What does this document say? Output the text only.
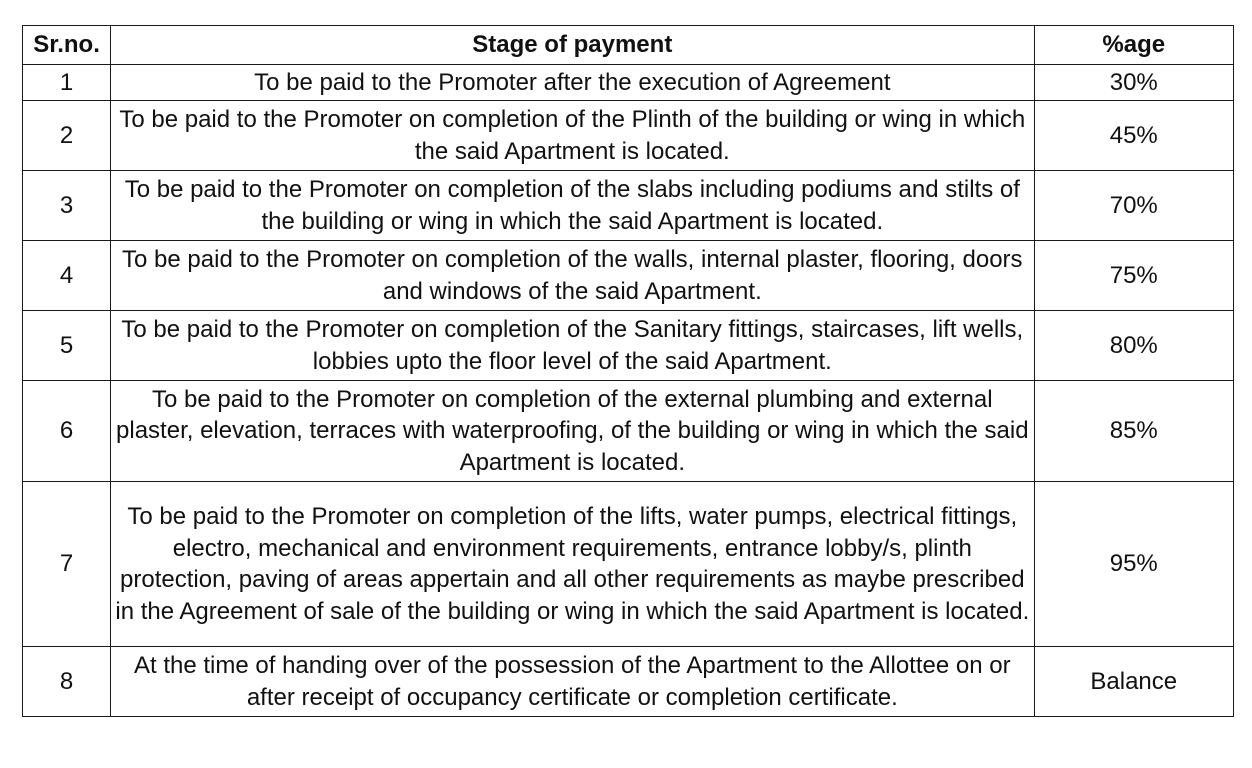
Sr.no.	Stage of payment	%age
1	To be paid to the Promoter after the execution of Agreement	30%
2	To be paid to the Promoter on completion of the Plinth of the building or wing in which the said Apartment is located.	45%
3	To be paid to the Promoter on completion of the slabs including podiums and stilts of the building or wing in which the said Apartment is located.	70%
4	To be paid to the Promoter on completion of the walls, internal plaster, flooring, doors and windows of the said Apartment.	75%
5	To be paid to the Promoter on completion of the Sanitary fittings, staircases, lift wells, lobbies upto the floor level of the said Apartment.	80%
6	To be paid to the Promoter on completion of the external plumbing and external plaster, elevation, terraces with waterproofing, of the building or wing in which the said Apartment is located.	85%
7	To be paid to the Promoter on completion of the lifts, water pumps, electrical fittings, electro, mechanical and environment requirements, entrance lobby/s, plinth protection, paving of areas appertain and all other requirements as maybe prescribed in the Agreement of sale of the building or wing in which the said Apartment is located.	95%
8	At the time of handing over of the possession of the Apartment to the Allottee on or after receipt of occupancy certificate or completion certificate.	Balance
